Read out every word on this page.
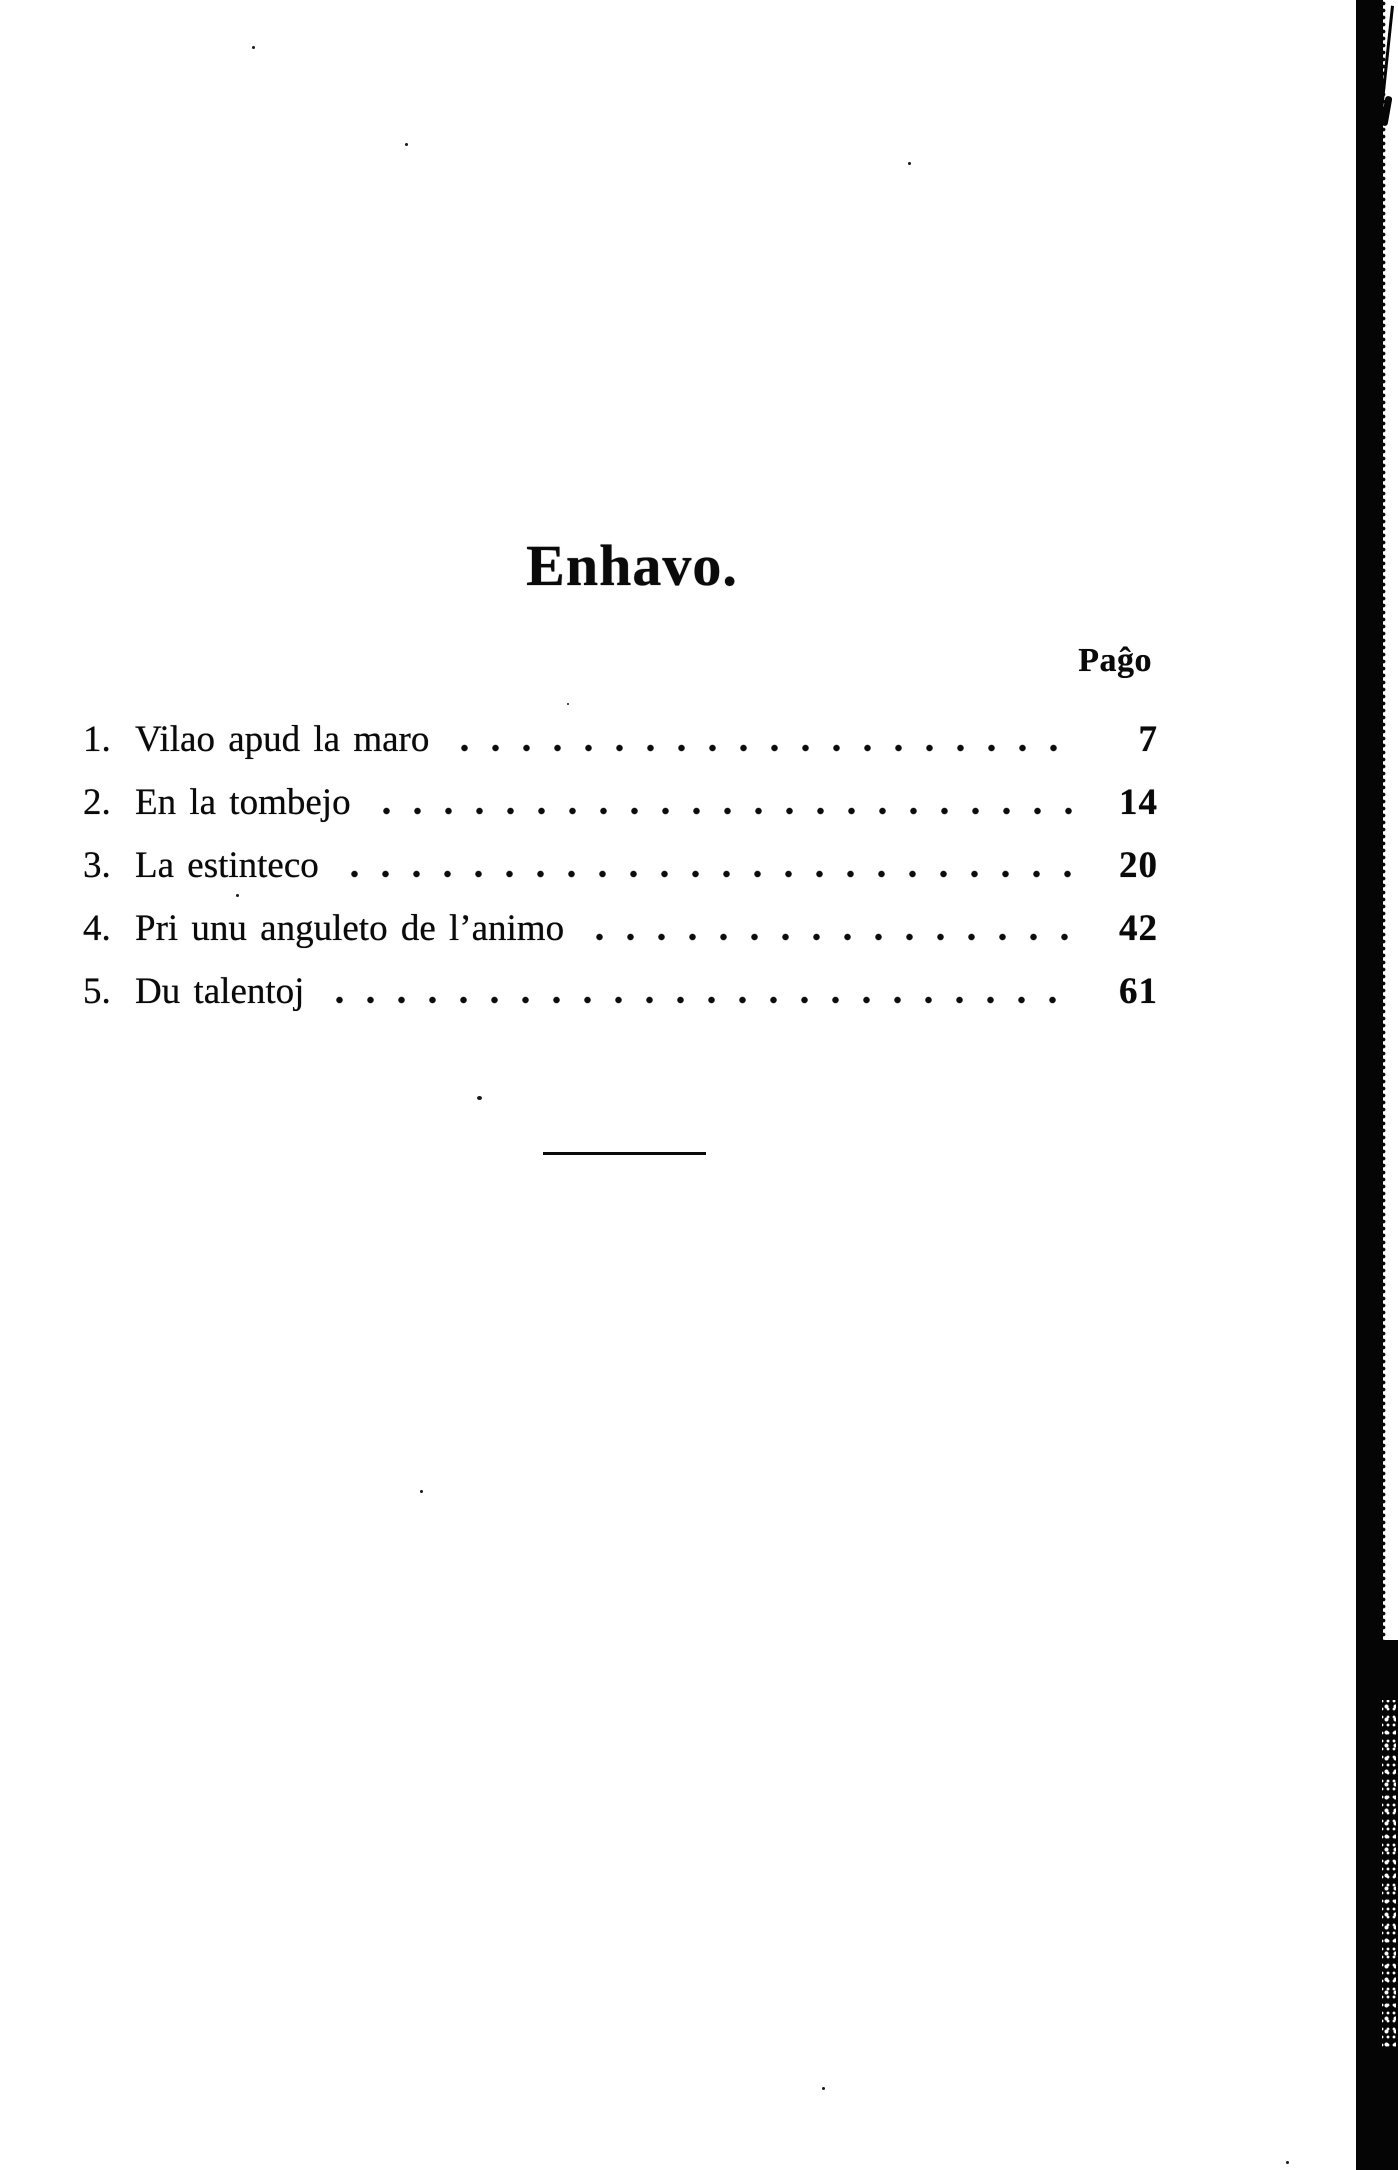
Enhavo.
Paĝo
1. Vilao apud la maro	7
2. En la tombejo	14
3. La estinteco	20
4. Pri unu anguleto de l’animo	42
5. Du talentoj	61
